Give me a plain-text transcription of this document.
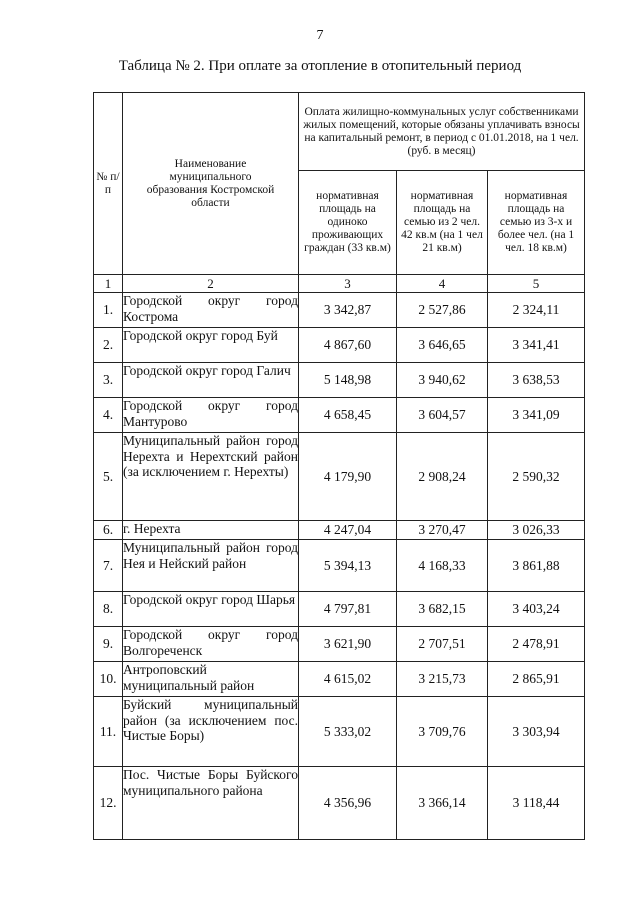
7
Таблица № 2. При оплате за отопление в отопительный период
№ п/п	Наименование муниципального образования Костромской области	Оплата жилищно-коммунальных услуг собственниками жилых помещений, которые обязаны уплачивать взносы на капитальный ремонт, в период с 01.01.2018, на 1 чел. (руб. в месяц)		
		нормативная площадь на одиноко проживающих граждан (33 кв.м)	нормативная площадь на семью из 2 чел. 42 кв.м (на 1 чел 21 кв.м)	нормативная площадь на семью из 3-х и более чел. (на 1 чел. 18 кв.м)
1	2	3	4	5
1.	Городской округ город Кострома	3 342,87	2 527,86	2 324,11
2.	Городской округ город Буй	4 867,60	3 646,65	3 341,41
3.	Городской округ город Галич	5 148,98	3 940,62	3 638,53
4.	Городской округ город Мантурово	4 658,45	3 604,57	3 341,09
5.	Муниципальный район город Нерехта и Нерехтский район (за исключением г. Нерехты)	4 179,90	2 908,24	2 590,32
6.	г. Нерехта	4 247,04	3 270,47	3 026,33
7.	Муниципальный район город Нея и Нейский район	5 394,13	4 168,33	3 861,88
8.	Городской округ город Шарья	4 797,81	3 682,15	3 403,24
9.	Городской округ город Волгореченск	3 621,90	2 707,51	2 478,91
10.	Антроповский муниципальный район	4 615,02	3 215,73	2 865,91
11.	Буйский муниципальный район (за исключением пос. Чистые Боры)	5 333,02	3 709,76	3 303,94
12.	Пос. Чистые Боры Буйского муниципального района	4 356,96	3 366,14	3 118,44
